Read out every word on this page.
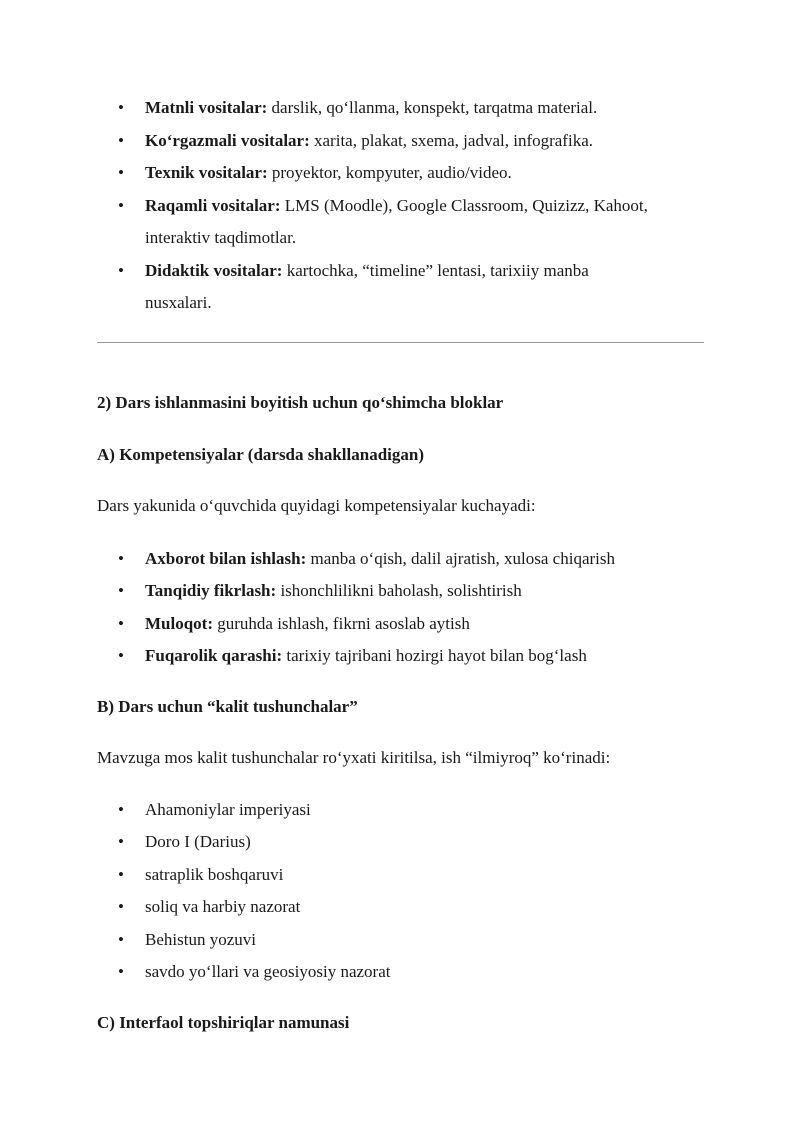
• Matnli vositalar: darslik, qo‘llanma, konspekt, tarqatma material.
• Ko‘rgazmali vositalar: xarita, plakat, sxema, jadval, infografika.
• Texnik vositalar: proyektor, kompyuter, audio/video.
• Raqamli vositalar: LMS (Moodle), Google Classroom, Quizizz, Kahoot, interaktiv taqdimotlar.
• Didaktik vositalar: kartochka, “timeline” lentasi, tarixiiy manba nusxalari.
2) Dars ishlanmasini boyitish uchun qo‘shimcha bloklar
A) Kompetensiyalar (darsda shakllanadigan)
Dars yakunida o‘quvchida quyidagi kompetensiyalar kuchayadi:
• Axborot bilan ishlash: manba o‘qish, dalil ajratish, xulosa chiqarish
• Tanqidiy fikrlash: ishonchlilikni baholash, solishtirish
• Muloqot: guruhda ishlash, fikrni asoslab aytish
• Fuqarolik qarashi: tarixiy tajribani hozirgi hayot bilan bog‘lash
B) Dars uchun “kalit tushunchalar”
Mavzuga mos kalit tushunchalar ro‘yxati kiritilsa, ish “ilmiyroq” ko‘rinadi:
• Ahamoniylar imperiyasi
• Doro I (Darius)
• satraplik boshqaruvi
• soliq va harbiy nazorat
• Behistun yozuvi
• savdo yo‘llari va geosiyosiy nazorat
C) Interfaol topshiriqlar namunasi
